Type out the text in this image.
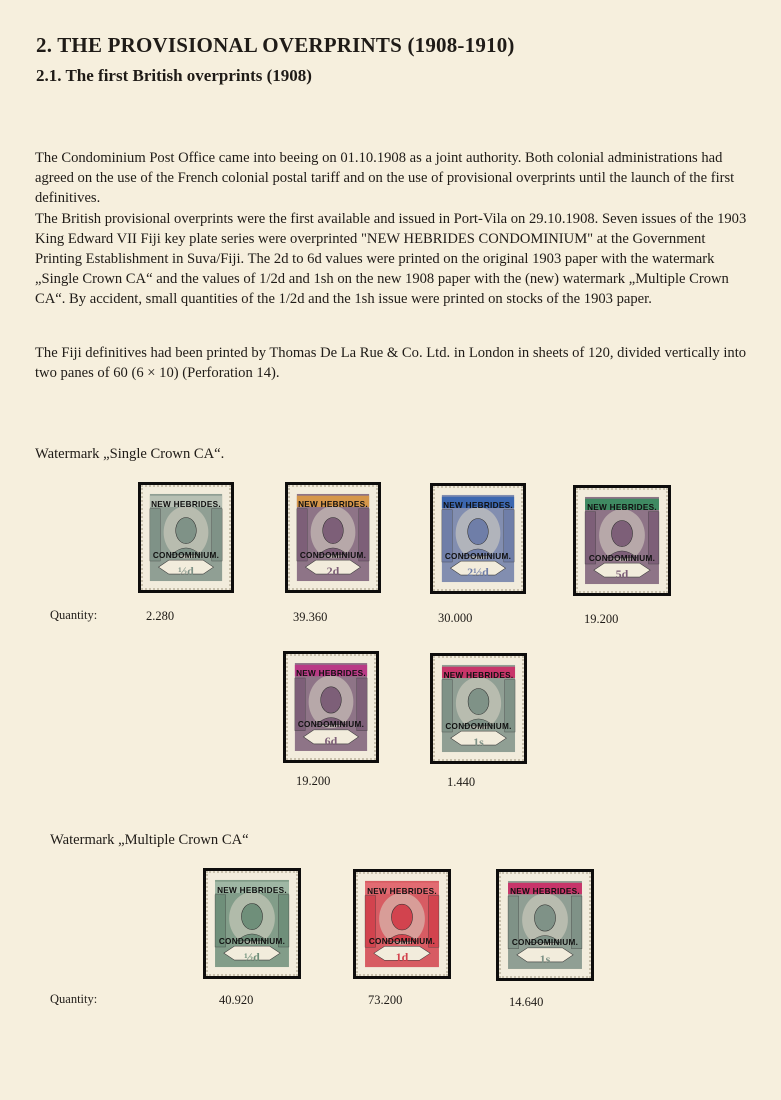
2. THE PROVISIONAL OVERPRINTS (1908-1910)
2.1. The first British overprints (1908)

The Condominium Post Office came into beeing on 01.10.1908 as a joint authority. Both colonial administrations had agreed on the use of the French colonial postal tariff and on the use of provisional overprints until the launch of the first definitives.

The British provisional overprints were the first available and issued in Port-Vila on 29.10.1908. Seven issues of the 1903 King Edward VII Fiji key plate series were overprinted "NEW HEBRIDES CONDOMINIUM" at the Government Printing Establishment in Suva/Fiji. The 2d to 6d values were printed on the original 1903 paper with the watermark „Single Crown CA“ and the values of 1/2d and 1sh on the new 1908 paper with the (new) watermark „Multiple Crown CA“. By accident, small quantities of the 1/2d and the 1sh issue were printed on stocks of the 1903 paper.

The Fiji definitives had been printed by Thomas De La Rue & Co. Ltd. in London in sheets of 120, divided vertically into two panes of 60 (6 × 10) (Perforation 14).

Watermark „Single Crown CA“.
NEW HEBRIDES.
CONDOMINIUM.
½d
NEW HEBRIDES.
CONDOMINIUM.
2d
NEW HEBRIDES.
CONDOMINIUM.
2½d
NEW HEBRIDES.
CONDOMINIUM.
5d
Quantity:	2.280	39.360	30.000	19.200
NEW HEBRIDES.
CONDOMINIUM.
6d
NEW HEBRIDES.
CONDOMINIUM.
1s
19.200	1.440
Watermark „Multiple Crown CA“
NEW HEBRIDES.
CONDOMINIUM.
½d
NEW HEBRIDES.
CONDOMINIUM.
1d
NEW HEBRIDES.
CONDOMINIUM.
1s
Quantity:	40.920	73.200	14.640
